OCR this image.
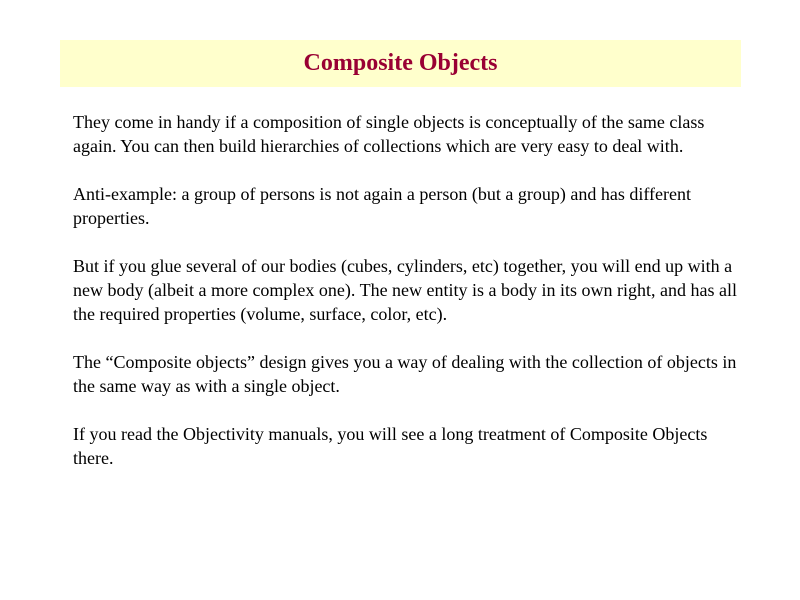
Composite Objects

They come in handy if a composition of single objects is conceptually of the same class again. You can then build hierarchies of collections which are very easy to deal with.

Anti-example: a group of persons is not again a person (but a group) and has different properties.

But if you glue several of our bodies (cubes, cylinders, etc) together, you will end up with a new body (albeit a more complex one). The new entity is a body in its own right, and has all the required properties (volume, surface, color, etc).

The “Composite objects” design gives you a way of dealing with the collection of objects in the same way as with a single object.

If you read the Objectivity manuals, you will see a long treatment of Composite Objects there.
